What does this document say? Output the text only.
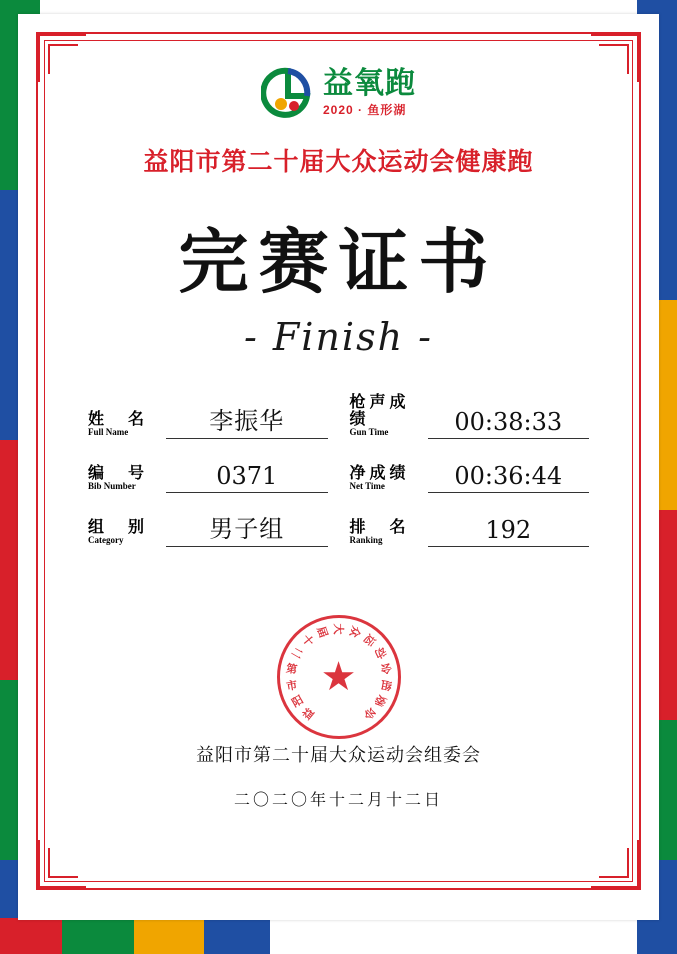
益氧跑
2020 · 鱼形湖
益阳市第二十届大众运动会健康跑
完赛证书
- Finish -
姓　名
Full Name	李振华
编　号
Bib Number	0371
组　别
Category	男子组
枪声成绩
Gun Time	00:38:33
净成绩
Net Time	00:36:44
排　名
Ranking	192
益
阳
市
第
二
十
届 大 众
运
动
会
组
委
会
★
益阳市第二十届大众运动会组委会
二〇二〇年十二月十二日
